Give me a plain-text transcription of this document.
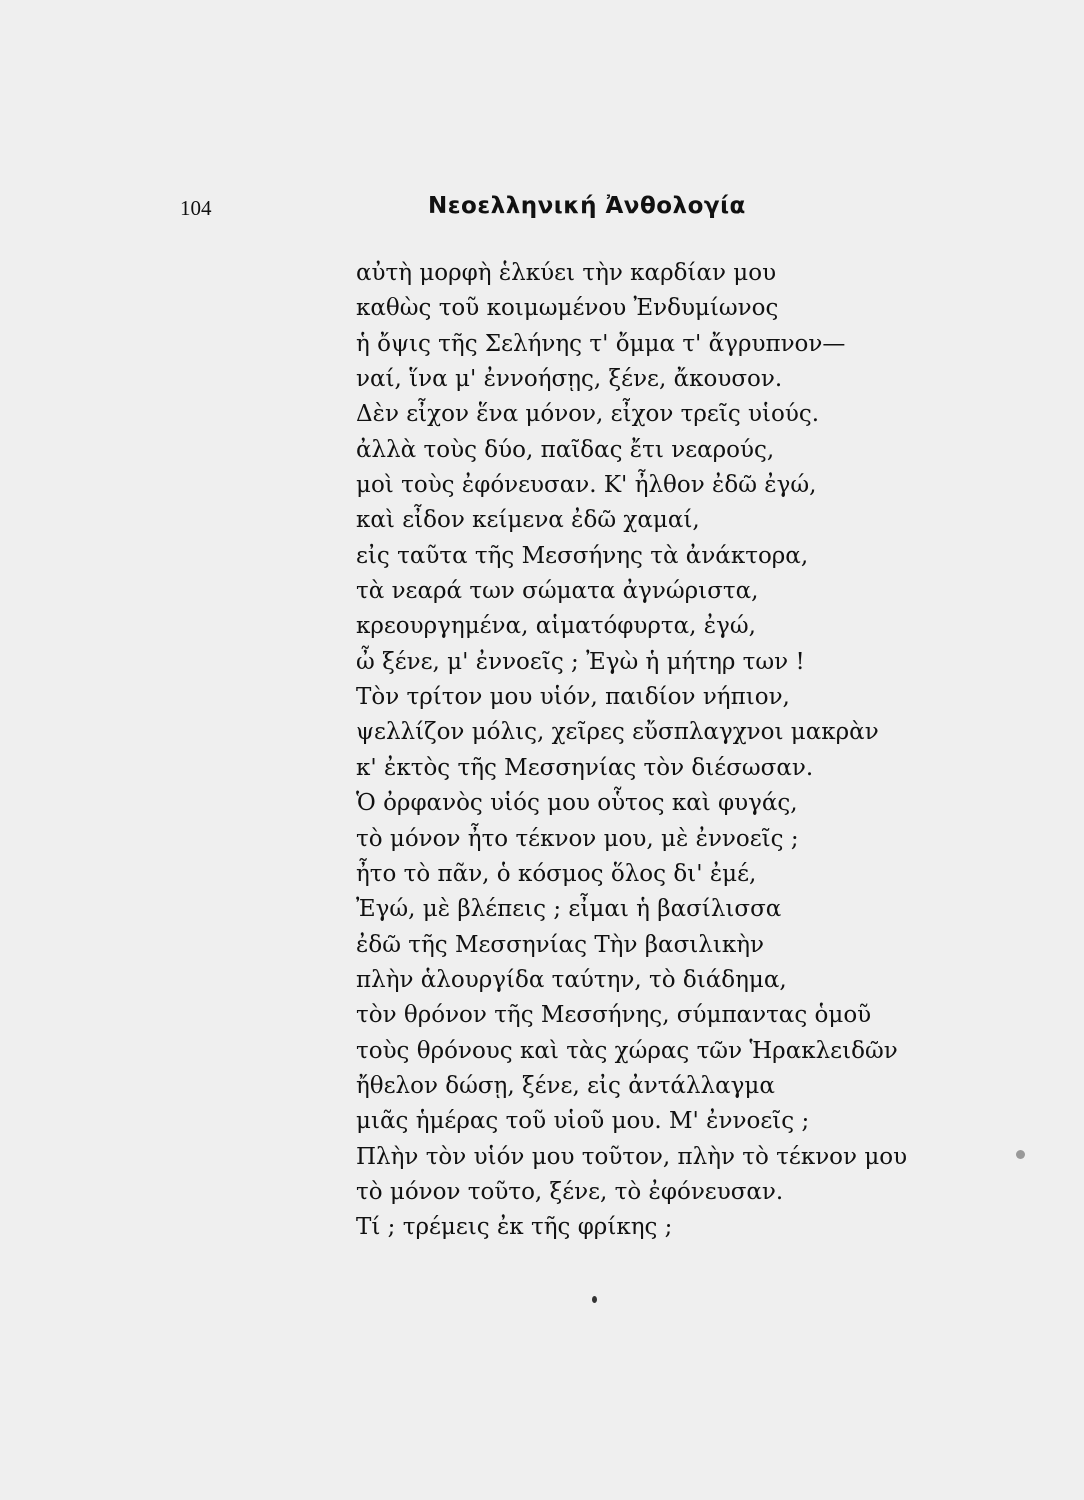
104	Νεοελληνική Ἀνθολογία
αὐτὴ μορφὴ ἑλκύει τὴν καρδίαν μου
καθὼς τοῦ κοιμωμένου Ἐνδυμίωνος
ἡ ὄψις τῆς Σελήνης τ' ὄμμα τ' ἄγρυπνον—
ναί, ἵνα μ' ἐννοήσῃς, ξένε, ἄκουσον.
Δὲν εἶχον ἕνα μόνον, εἶχον τρεῖς υἱούς.
ἀλλὰ τοὺς δύο, παῖδας ἔτι νεαρούς,
μοὶ τοὺς ἐφόνευσαν. Κ' ἦλθον ἐδῶ ἐγώ,
καὶ εἶδον κείμενα ἐδῶ χαμαί,
εἰς ταῦτα τῆς Μεσσήνης τὰ ἀνάκτορα,
τὰ νεαρά των σώματα ἀγνώριστα,
κρεουργημένα, αἱματόφυρτα, ἐγώ,
ὦ ξένε, μ' ἐννοεῖς ; Ἐγὼ ἡ μήτηρ των !
Τὸν τρίτον μου υἱόν, παιδίον νήπιον,
ψελλίζον μόλις, χεῖρες εὔσπλαγχνοι μακρὰν
κ' ἐκτὸς τῆς Μεσσηνίας τὸν διέσωσαν.
Ὁ ὀρφανὸς υἱός μου οὗτος καὶ φυγάς,
τὸ μόνον ἦτο τέκνον μου, μὲ ἐννοεῖς ;
ἦτο τὸ πᾶν, ὁ κόσμος ὅλος δι' ἐμέ,
Ἐγώ, μὲ βλέπεις ; εἶμαι ἡ βασίλισσα
ἐδῶ τῆς Μεσσηνίας Τὴν βασιλικὴν
πλὴν ἁλουργίδα ταύτην, τὸ διάδημα,
τὸν θρόνον τῆς Μεσσήνης, σύμπαντας ὁμοῦ
τοὺς θρόνους καὶ τὰς χώρας τῶν Ἡρακλειδῶν
ἤθελον δώσῃ, ξένε, εἰς ἀντάλλαγμα
μιᾶς ἡμέρας τοῦ υἱοῦ μου. Μ' ἐννοεῖς ;
Πλὴν τὸν υἱόν μου τοῦτον, πλὴν τὸ τέκνον μου
τὸ μόνον τοῦτο, ξένε, τὸ ἐφόνευσαν.
Τί ; τρέμεις ἐκ τῆς φρίκης ;
